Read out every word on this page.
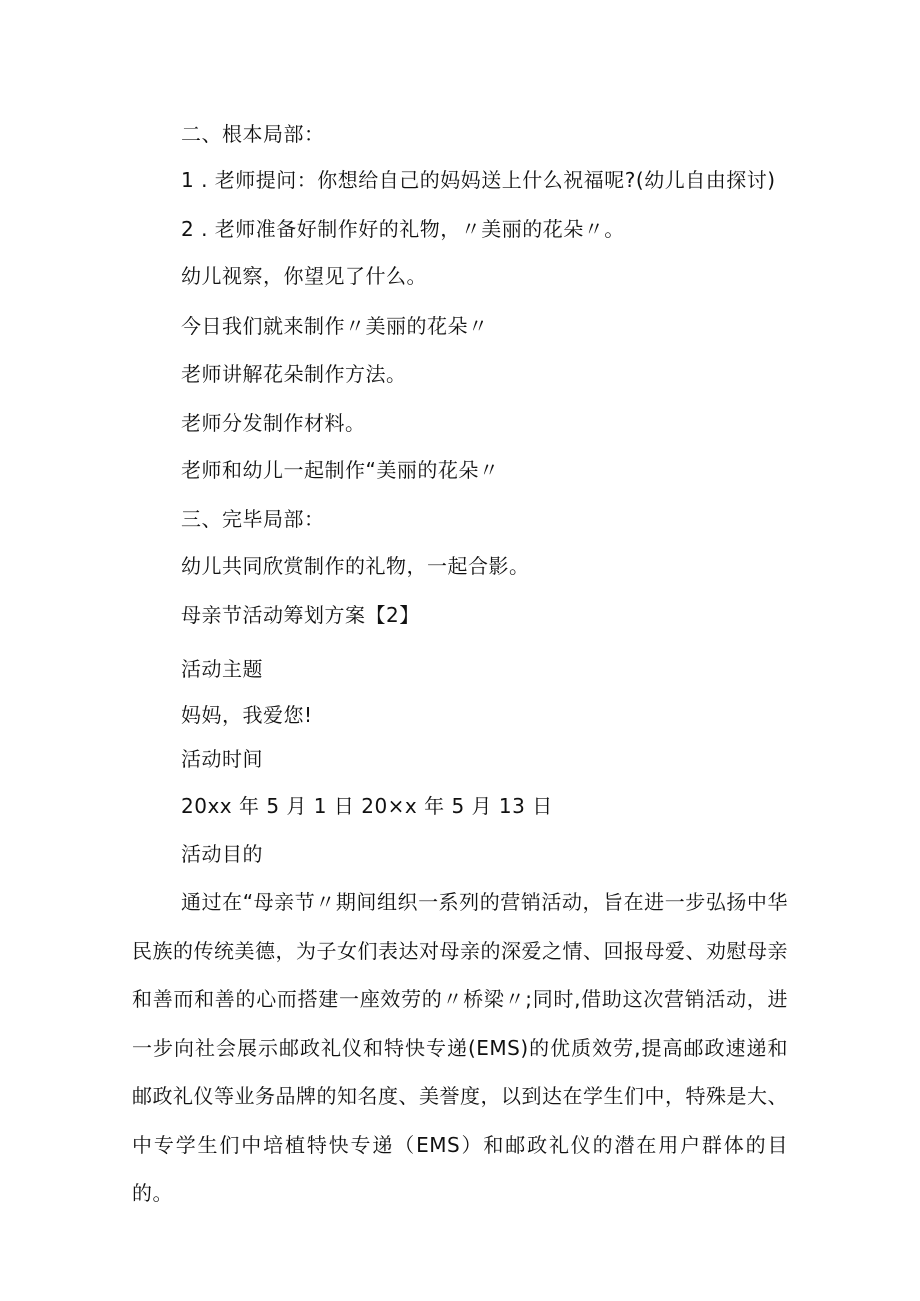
二、根本局部：
1 . 老师提问：你想给自己的妈妈送上什么祝福呢?(幼儿自由探讨)
2 . 老师准备好制作好的礼物，〃美丽的花朵〃。
幼儿视察，你望见了什么。
今日我们就来制作〃美丽的花朵〃
老师讲解花朵制作方法。
老师分发制作材料。
老师和幼儿一起制作“美丽的花朵〃
三、完毕局部：
幼儿共同欣赏制作的礼物，一起合影。
母亲节活动筹划方案【2】
活动主题
妈妈，我爱您!
活动时间
20xx 年 5 月 1 日 20×x 年 5 月 13 日
活动目的
通过在“母亲节〃期间组织一系列的营销活动，旨在进一步弘扬中华民族的传统美德，为子女们表达对母亲的深爱之情、回报母爱、劝慰母亲和善而和善的心而搭建一座效劳的〃桥梁〃;同时,借助这次营销活动，进一步向社会展示邮政礼仪和特快专递(EMS)的优质效劳,提高邮政速递和邮政礼仪等业务品牌的知名度、美誉度，以到达在学生们中，特殊是大、中专学生们中培植特快专递（EMS）和邮政礼仪的潜在用户群体的目的。
